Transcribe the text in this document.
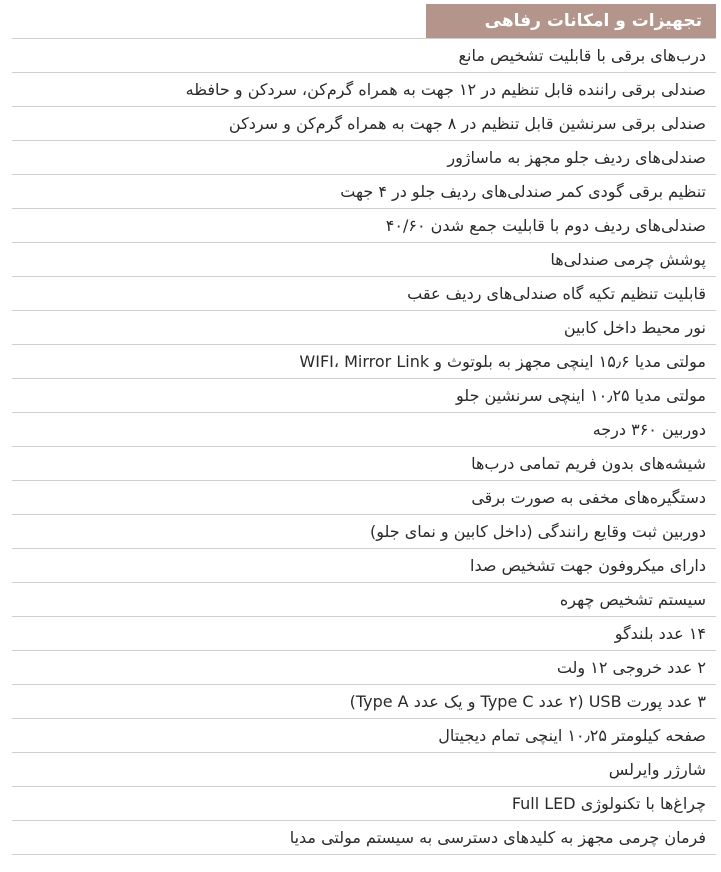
تجهیزات و امکانات رفاهی
درب‌های برقی با قابلیت تشخیص مانع
صندلی برقی راننده قابل تنظیم در ۱۲ جهت به همراه گرم‌کن، سردکن و حافظه
صندلی برقی سرنشین قابل تنظیم در ۸ جهت به همراه گرم‌کن و سردکن
صندلی‌های ردیف جلو مجهز به ماساژور
تنظیم برقی گودی کمر صندلی‌های ردیف جلو در ۴ جهت
صندلی‌های ردیف دوم با قابلیت جمع شدن ۴۰/۶۰
پوشش چرمی صندلی‌ها
قابلیت تنظیم تکیه گاه صندلی‌های ردیف عقب
نور محیط داخل کابین
مولتی مدیا ۱۵٫۶ اینچی مجهز به بلوتوث و WIFI، Mirror Link
مولتی مدیا ۱۰٫۲۵ اینچی سرنشین جلو
دوربین ۳۶۰ درجه
شیشه‌های بدون فریم تمامی درب‌ها
دستگیره‌های مخفی به صورت برقی
دوربین ثبت وقایع رانندگی (داخل کابین و نمای جلو)
دارای میکروفون جهت تشخیص صدا
سیستم تشخیص چهره
۱۴ عدد بلندگو
۲ عدد خروجی ۱۲ ولت
۳ عدد پورت USB (۲ عدد Type C و یک عدد Type A)
صفحه کیلومتر ۱۰٫۲۵ اینچی تمام دیجیتال
شارژر وایرلس
چراغ‌ها با تکنولوژی Full LED
فرمان چرمی مجهز به کلیدهای دسترسی به سیستم مولتی مدیا
